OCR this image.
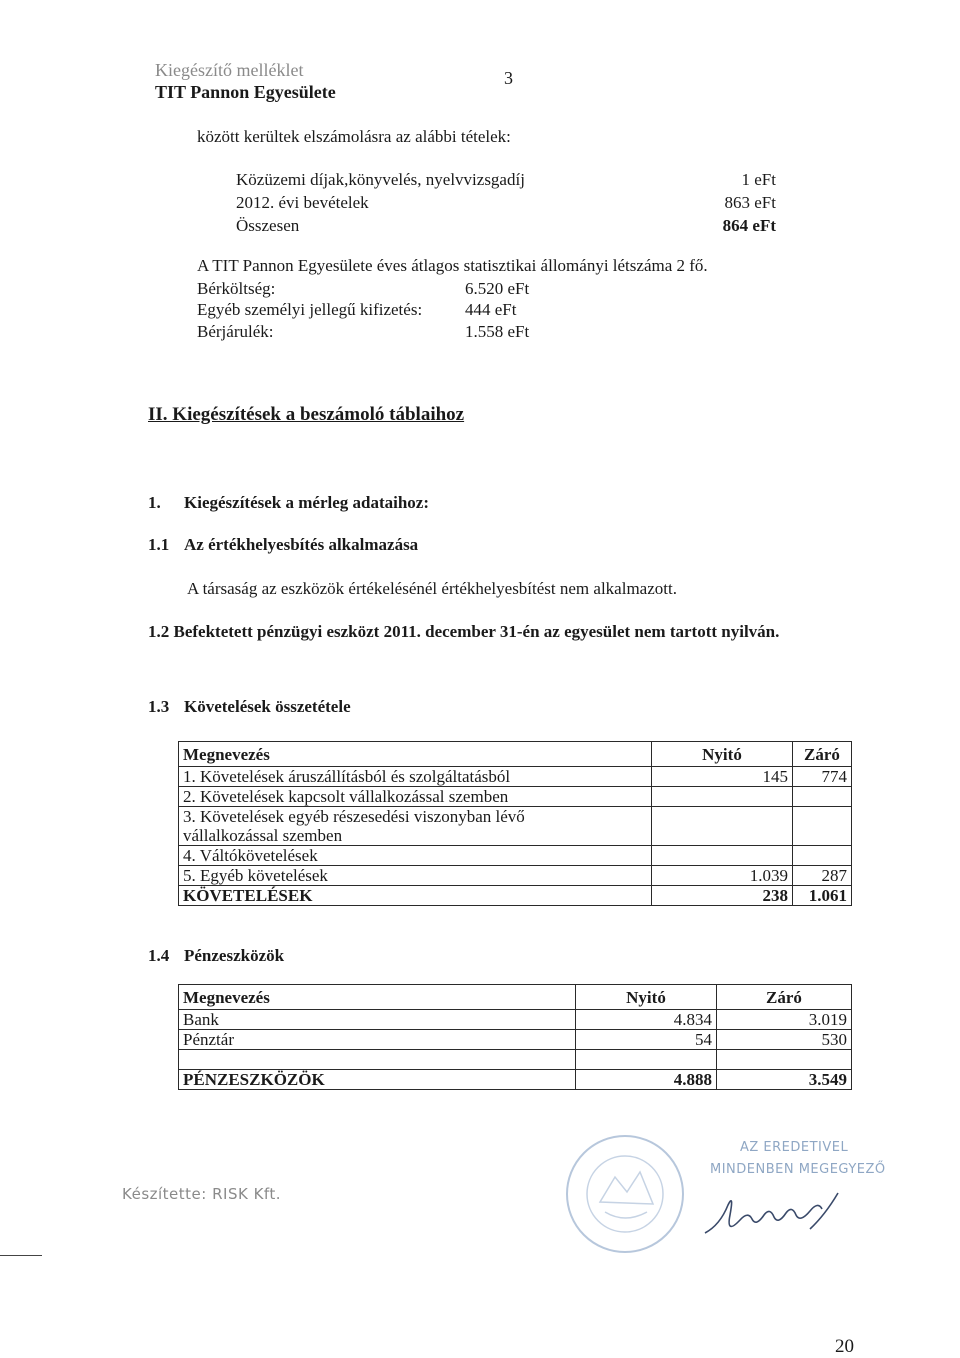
Kiegészítő melléklet
TIT Pannon Egyesülete
3
között kerültek elszámolásra az alábbi tételek:
Közüzemi díjak,könyvelés, nyelvvizsgadíj	1 eFt
2012. évi bevételek	863 eFt
Összesen	864 eFt
A TIT Pannon Egyesülete éves átlagos statisztikai állományi létszáma 2 fő.
Bérköltség:	6.520 eFt
Egyéb személyi jellegű kifizetés:	444 eFt
Bérjárulék:	1.558 eFt
II. Kiegészítések a beszámoló táblaihoz
1. Kiegészítések a mérleg adataihoz:
1.1 Az értékhelyesbítés alkalmazása
A társaság az eszközök értékelésénél értékhelyesbítést nem alkalmazott.
1.2 Befektetett pénzügyi eszközt 2011. december 31-én az egyesület nem tartott nyilván.
1.3 Követelések összetétele
Megnevezés	Nyitó	Záró
1. Követelések áruszállításból és szolgáltatásból	145	774
2. Követelések kapcsolt vállalkozással szemben		
3. Követelések egyéb részesedési viszonyban lévő vállalkozással szemben		
4. Váltókövetelések		
5. Egyéb követelések	1.039	287
KÖVETELÉSEK	238	1.061
1.4 Pénzeszközök
Megnevezés	Nyitó	Záró
Bank	4.834	3.019
Pénztár	54	530

PÉNZESZKÖZÖK	4.888	3.549
Készítette: RISK Kft.
AZ EREDETIVEL
MINDENBEN MEGEGYEZŐ
20
